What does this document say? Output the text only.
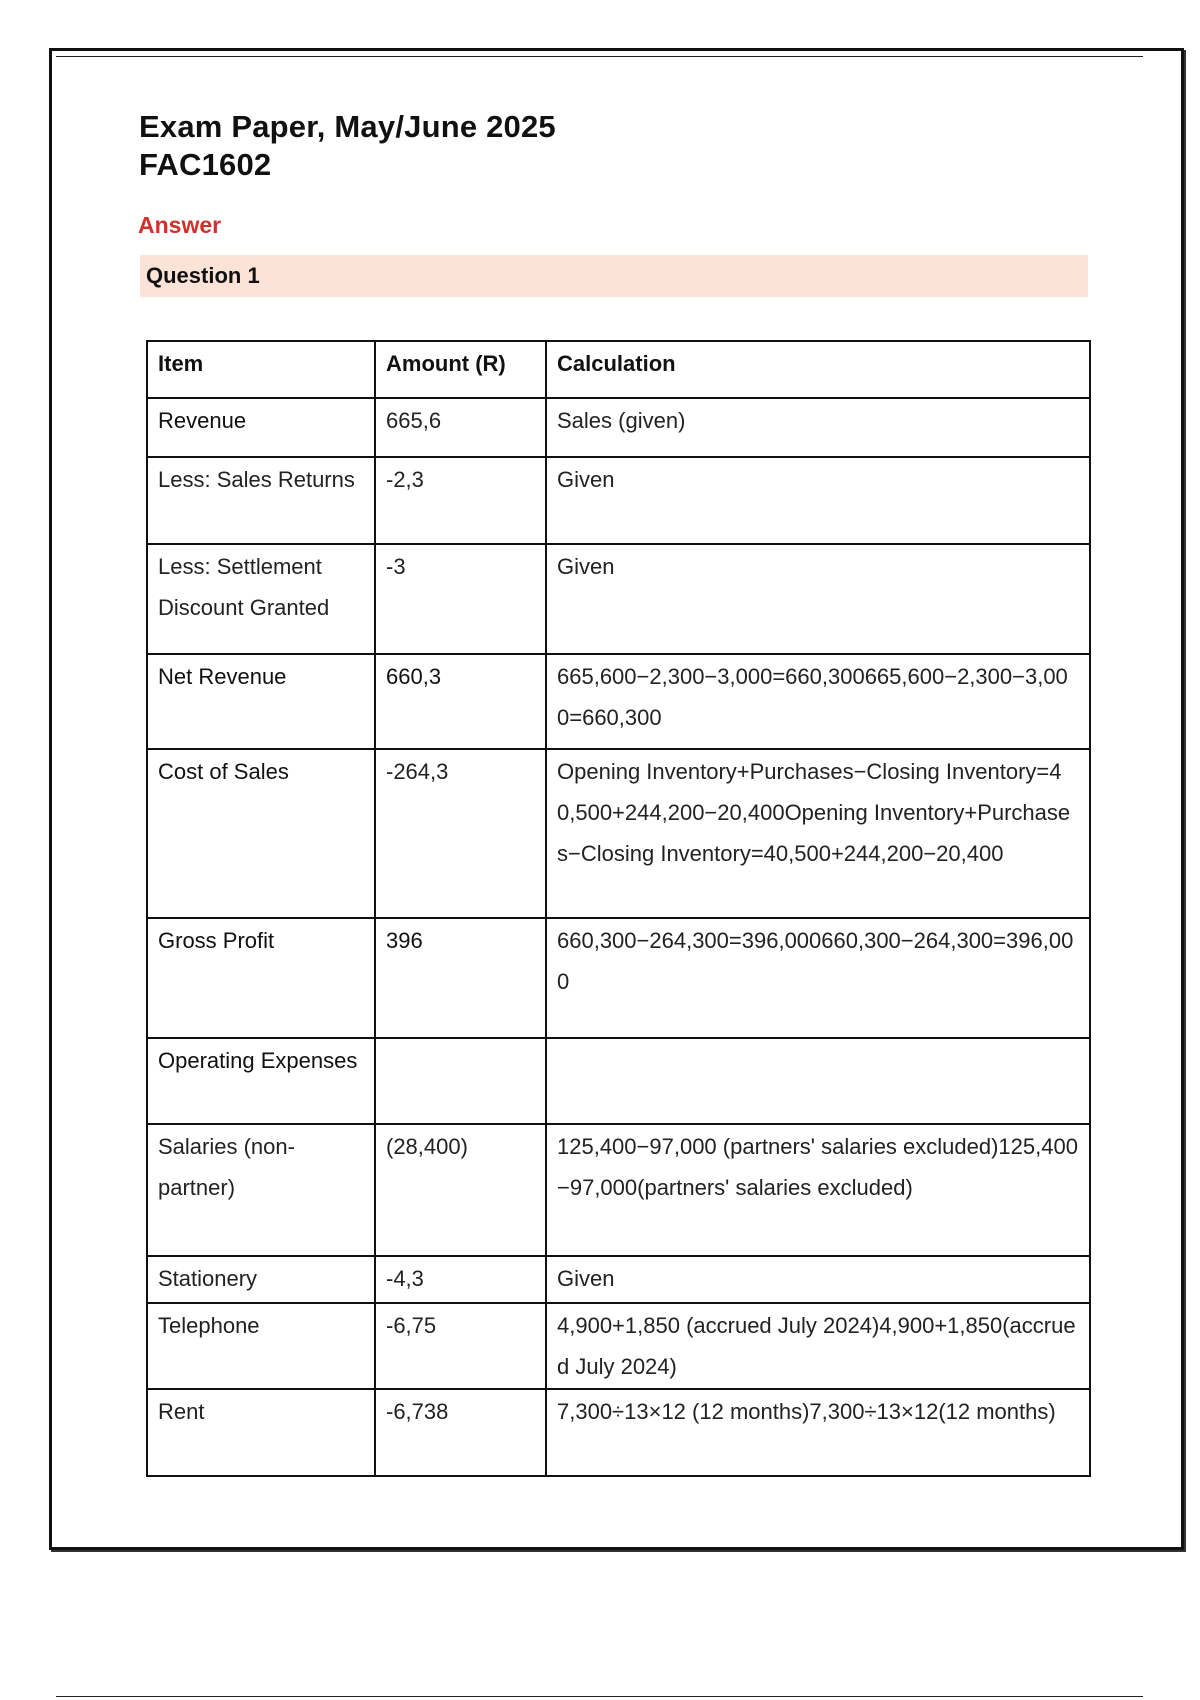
Exam Paper, May/June 2025
FAC1602
Answer
Question 1
Item	Amount (R)	Calculation
Revenue	665,6	Sales (given)
Less: Sales Returns	-2,3	Given
Less: Settlement Discount Granted	-3	Given
Net Revenue	660,3	665,600−2,300−3,000=660,300665,600−2,300−3,000=660,300
Cost of Sales	-264,3	Opening Inventory+Purchases−Closing Inventory=40,500+244,200−20,400Opening Inventory+Purchases−Closing Inventory=40,500+244,200−20,400
Gross Profit	396	660,300−264,300=396,000660,300−264,300=396,000
Operating Expenses		
Salaries (non-partner)	(28,400)	125,400−97,000 (partners' salaries excluded)125,400−97,000(partners' salaries excluded)
Stationery	-4,3	Given
Telephone	-6,75	4,900+1,850 (accrued July 2024)4,900+1,850(accrued July 2024)
Rent	-6,738	7,300÷13×12 (12 months)7,300÷13×12(12 months)
